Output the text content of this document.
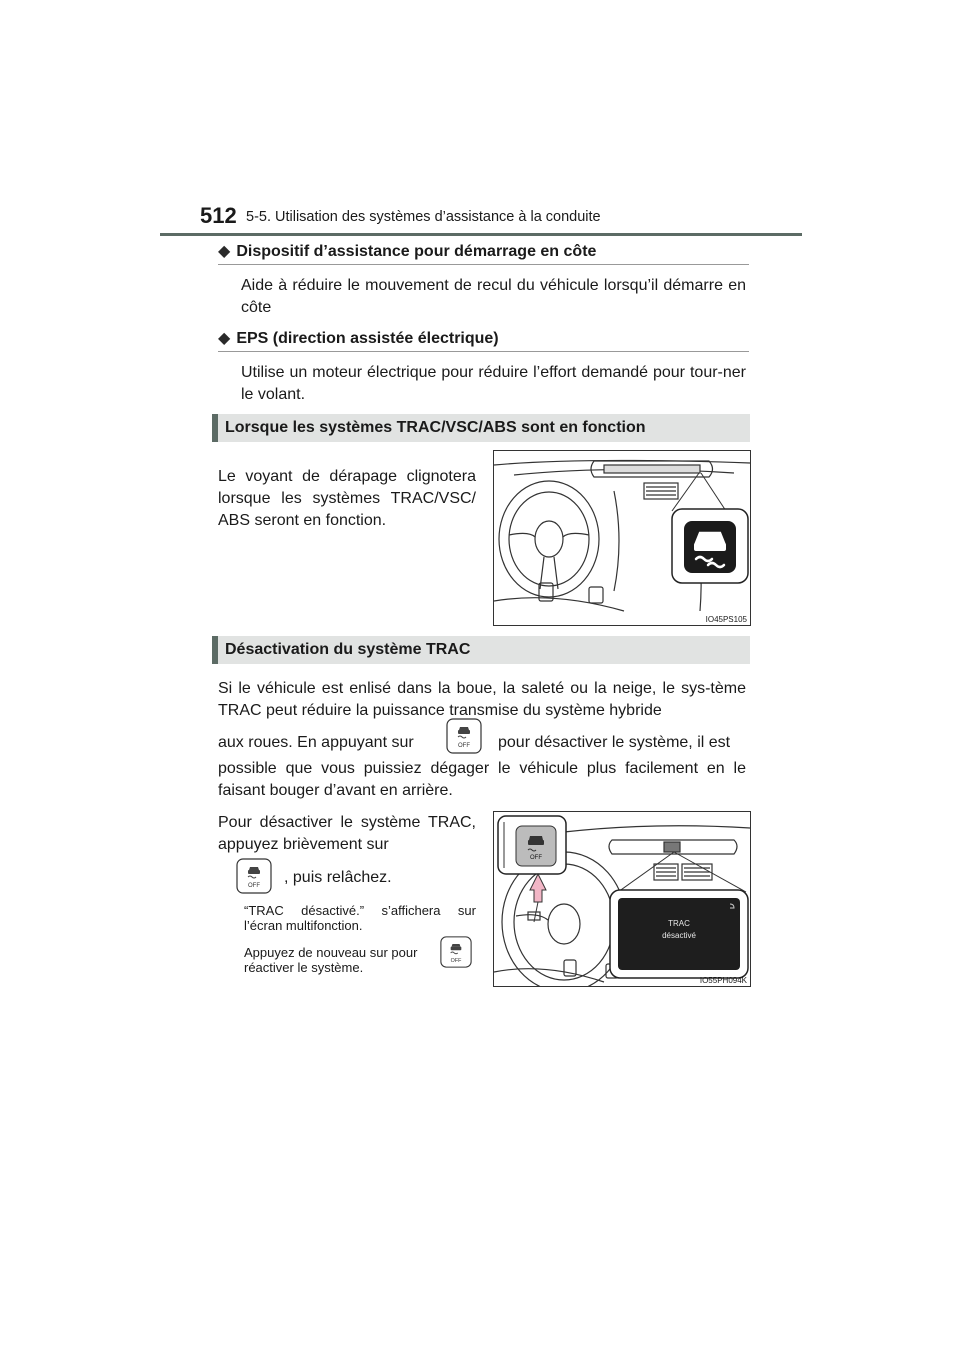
512 5-5. Utilisation des systèmes d’assistance à la conduite
◆ Dispositif d’assistance pour démarrage en côte
Aide à réduire le mouvement de recul du véhicule lorsqu’il démarre en côte
◆ EPS (direction assistée électrique)
Utilise un moteur électrique pour réduire l’effort demandé pour tour-ner le volant.
Lorsque les systèmes TRAC/VSC/ABS sont en fonction
Le voyant de dérapage clignotera lorsque les systèmes TRAC/VSC/ ABS seront en fonction.
IO45PS105
Désactivation du système TRAC
Si le véhicule est enlisé dans la boue, la saleté ou la neige, le sys-tème TRAC peut réduire la puissance transmise du système hybride
aux roues. En appuyant sur	OFF pour désactiver le système, il est
possible que vous puissiez dégager le véhicule plus facilement en le faisant bouger d’avant en arrière.
Pour désactiver le système TRAC, appuyez brièvement sur
OFF , puis relâchez.
“TRAC désactivé.” s’affichera sur l’écran multifonction.
Appuyez de nouveau sur pour réactiver le système.	OFF
OFF
TRAC
désactivé
IO55PH094K
